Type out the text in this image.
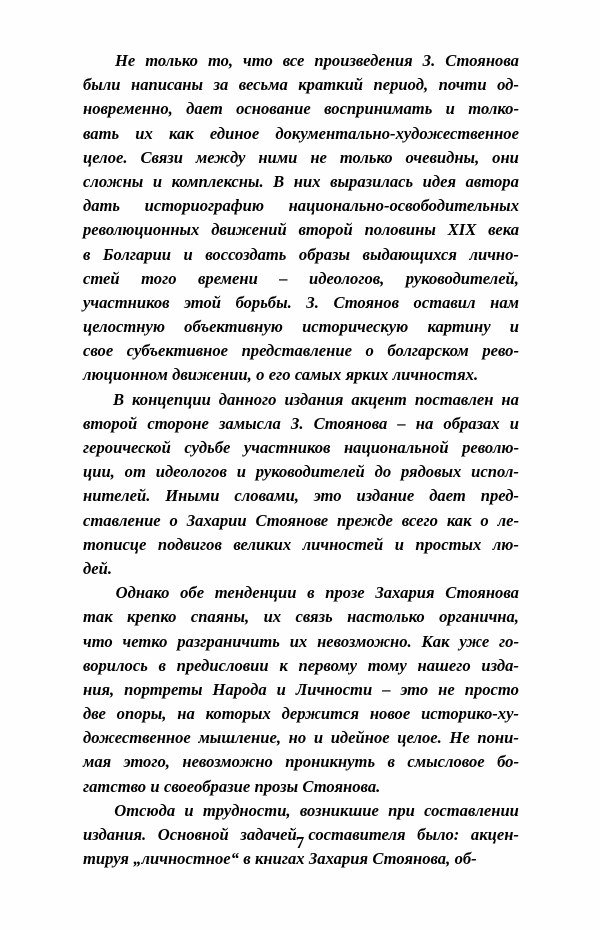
Не только то, что все произведения З. Стоянова
были написаны за весьма краткий период, почти од-
новременно, дает основание воспринимать и толко-
вать их как единое документально-художественное
целое. Связи между ними не только очевидны, они
сложны и комплексны. В них выразилась идея автора
дать историографию национально-освободительных
революционных движений второй половины XIX века
в Болгарии и воссоздать образы выдающихся лично-
стей того времени – идеологов, руководителей,
участников этой борьбы. З. Стоянов оставил нам
целостную объективную историческую картину и
свое субъективное представление о болгарском рево-
люционном движении, о его самых ярких личностях.
В концепции данного издания акцент поставлен на
второй стороне замысла З. Стоянова – на образах и
героической судьбе участников национальной револю-
ции, от идеологов и руководителей до рядовых испол-
нителей. Иными словами, это издание дает пред-
ставление о Захарии Стоянове прежде всего как о ле-
тописце подвигов великих личностей и простых лю-
дей.
Однако обе тенденции в прозе Захария Стоянова
так крепко спаяны, их связь настолько органична,
что четко разграничить их невозможно. Как уже го-
ворилось в предисловии к первому тому нашего изда-
ния, портреты Народа и Личности – это не просто
две опоры, на которых держится новое историко-ху-
дожественное мышление, но и идейное целое. Не пони-
мая этого, невозможно проникнуть в смысловое бо-
гатство и своеобразие прозы Стоянова.
Отсюда и трудности, возникшие при составлении
издания. Основной задачей составителя было: акцен-
тируя „личностное“ в книгах Захария Стоянова, об-
7
